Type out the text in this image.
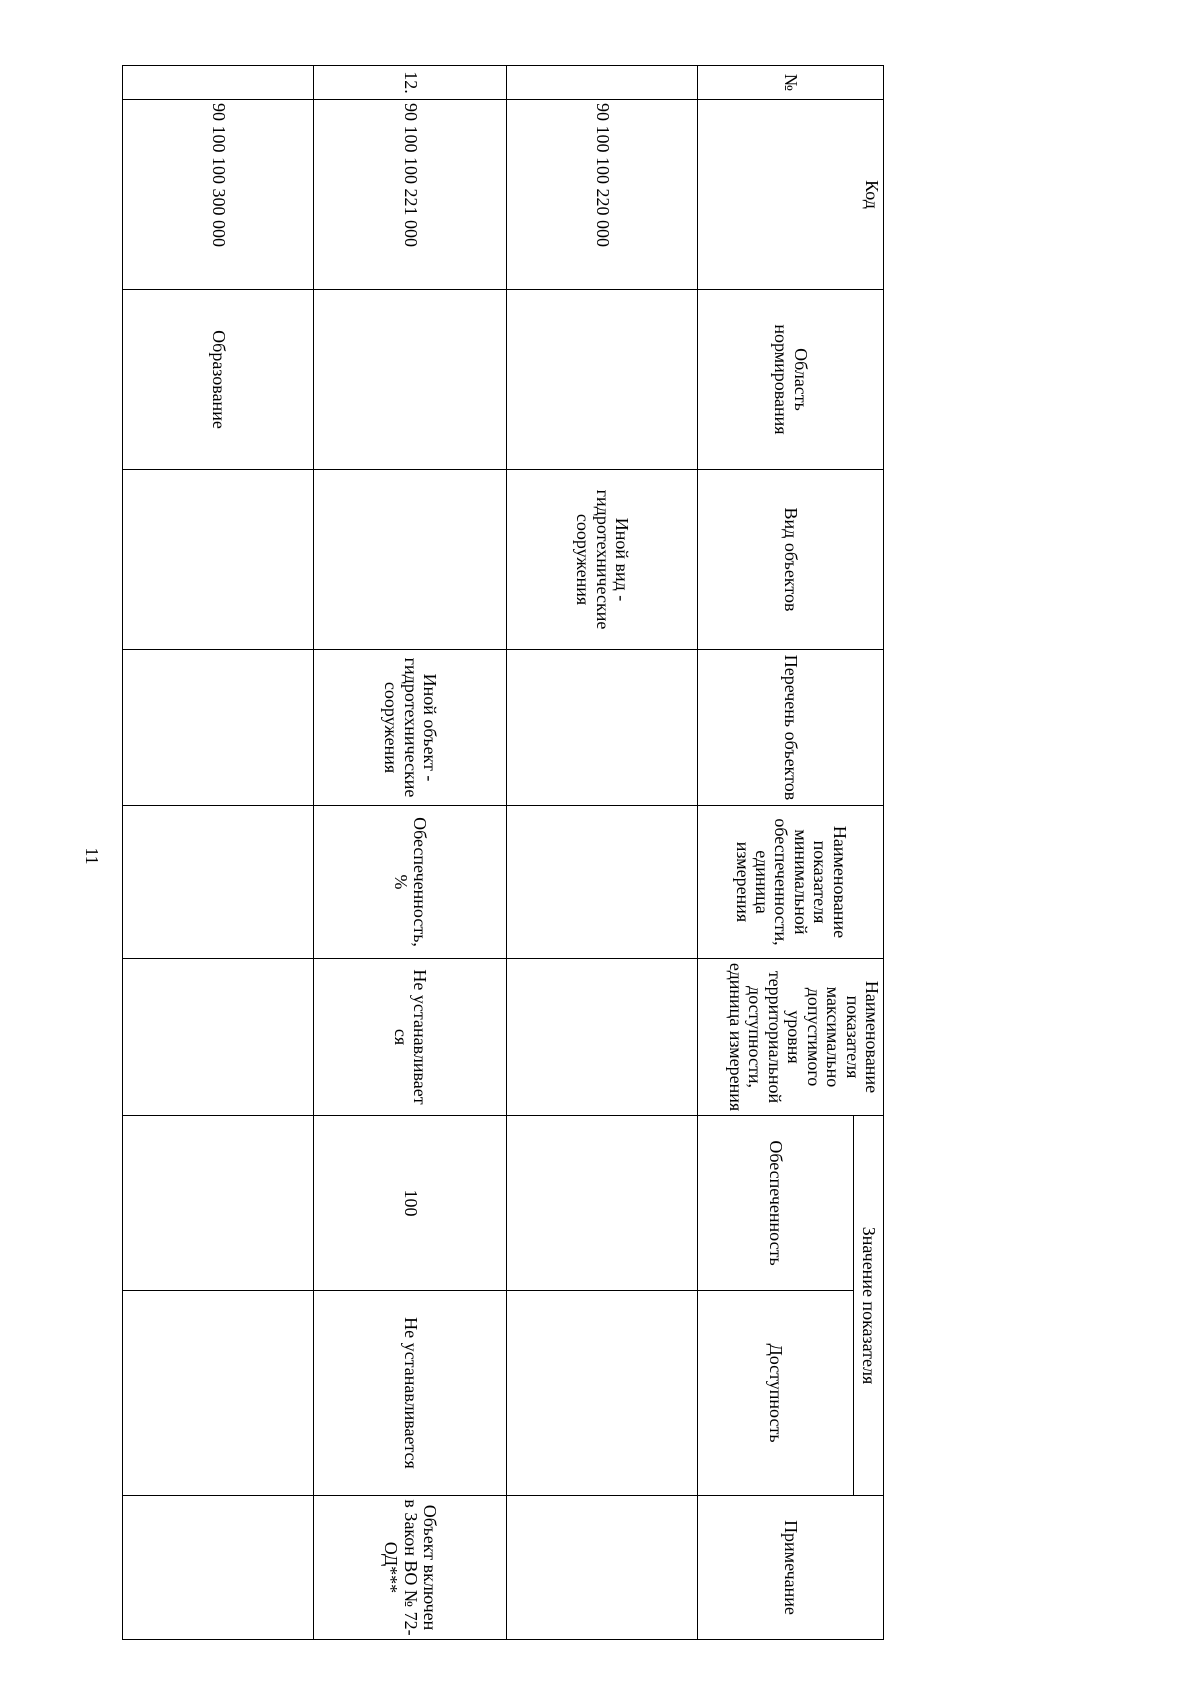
11
№	Код	Область нормирования	Вид объектов	Перечень объектов	Наименование показателя минимальной обеспеченности, единица измерения	Наименование показателя максимально допустимого уровня территориальной доступности, единица измерения	Значение показателя		Примечание
							Обеспеченность	Доступность	
	90 100 100 220 000		Иной вид - гидротехнические сооружения						
12.	90 100 100 221 000			Иной объект - гидротехнические сооружения	Обеспеченность, %	Не устанавливает ся	100	Не устанавливается	Объект включен в Закон ВО № 72-ОД***
	90 100 100 300 000	Образование							
